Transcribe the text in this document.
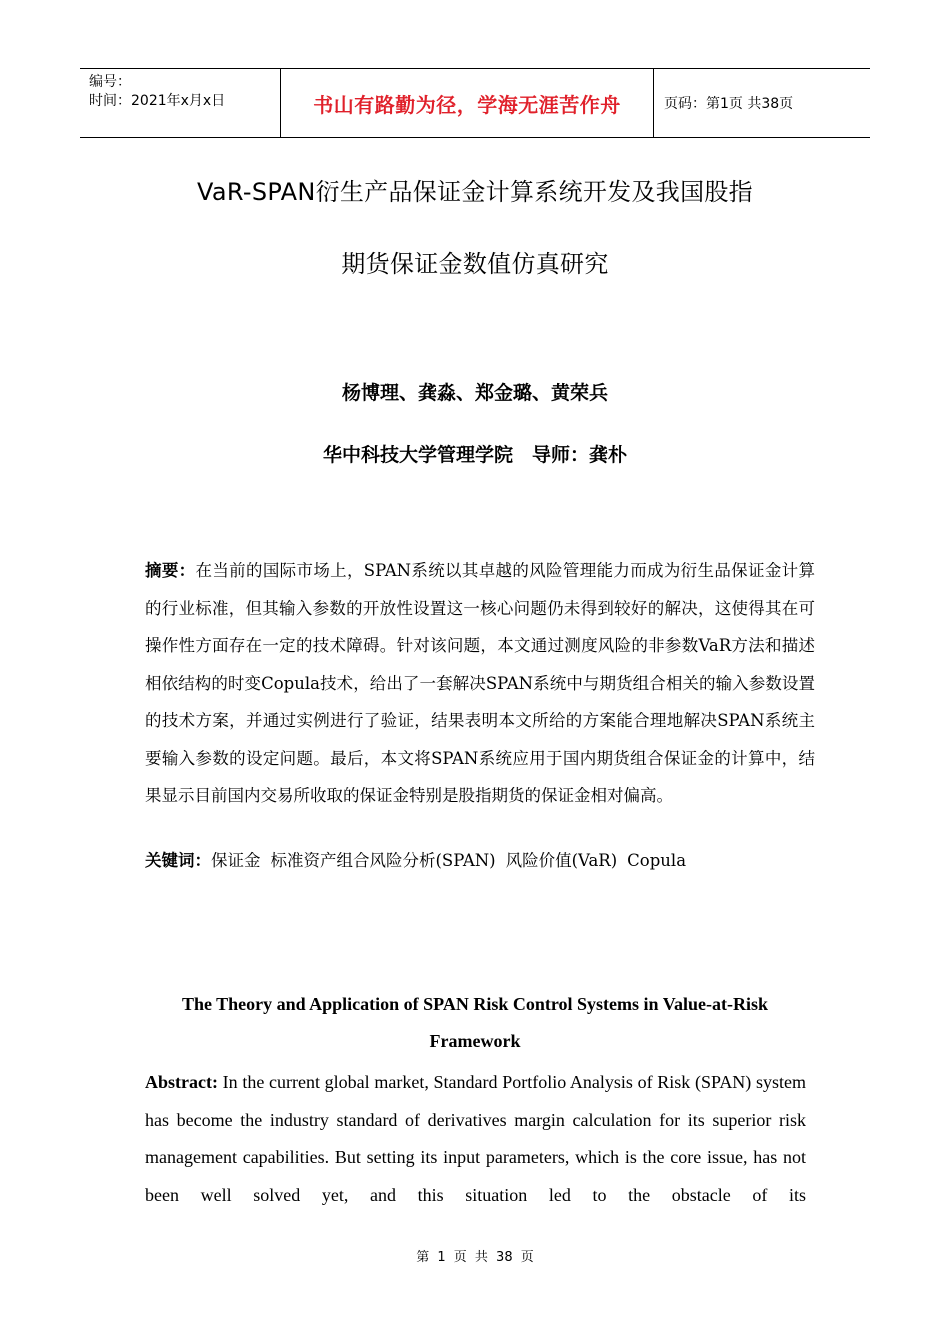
编号：
时间：2021年x月x日	书山有路勤为径，学海无涯苦作舟	页码：第1页 共38页
VaR-SPAN衍生产品保证金计算系统开发及我国股指
期货保证金数值仿真研究
杨博理、龚淼、郑金璐、黄荣兵
华中科技大学管理学院　导师：龚朴
摘要：在当前的国际市场上，SPAN系统以其卓越的风险管理能力而成为衍生品保证金计算的行业标准，但其输入参数的开放性设置这一核心问题仍未得到较好的解决，这使得其在可操作性方面存在一定的技术障碍。针对该问题，本文通过测度风险的非参数VaR方法和描述相依结构的时变Copula技术，给出了一套解决SPAN系统中与期货组合相关的输入参数设置的技术方案，并通过实例进行了验证，结果表明本文所给的方案能合理地解决SPAN系统主要输入参数的设定问题。最后，本文将SPAN系统应用于国内期货组合保证金的计算中，结果显示目前国内交易所收取的保证金特别是股指期货的保证金相对偏高。
关键词：保证金 标准资产组合风险分析(SPAN) 风险价值(VaR) Copula
The Theory and Application of SPAN Risk Control Systems in Value-at-Risk
Framework
Abstract: In the current global market, Standard Portfolio Analysis of Risk (SPAN) system has become the industry standard of derivatives margin calculation for its superior risk management capabilities. But setting its input parameters, which is the core issue, has not been well solved yet, and this situation led to the obstacle of its
第 1 页 共 38 页
